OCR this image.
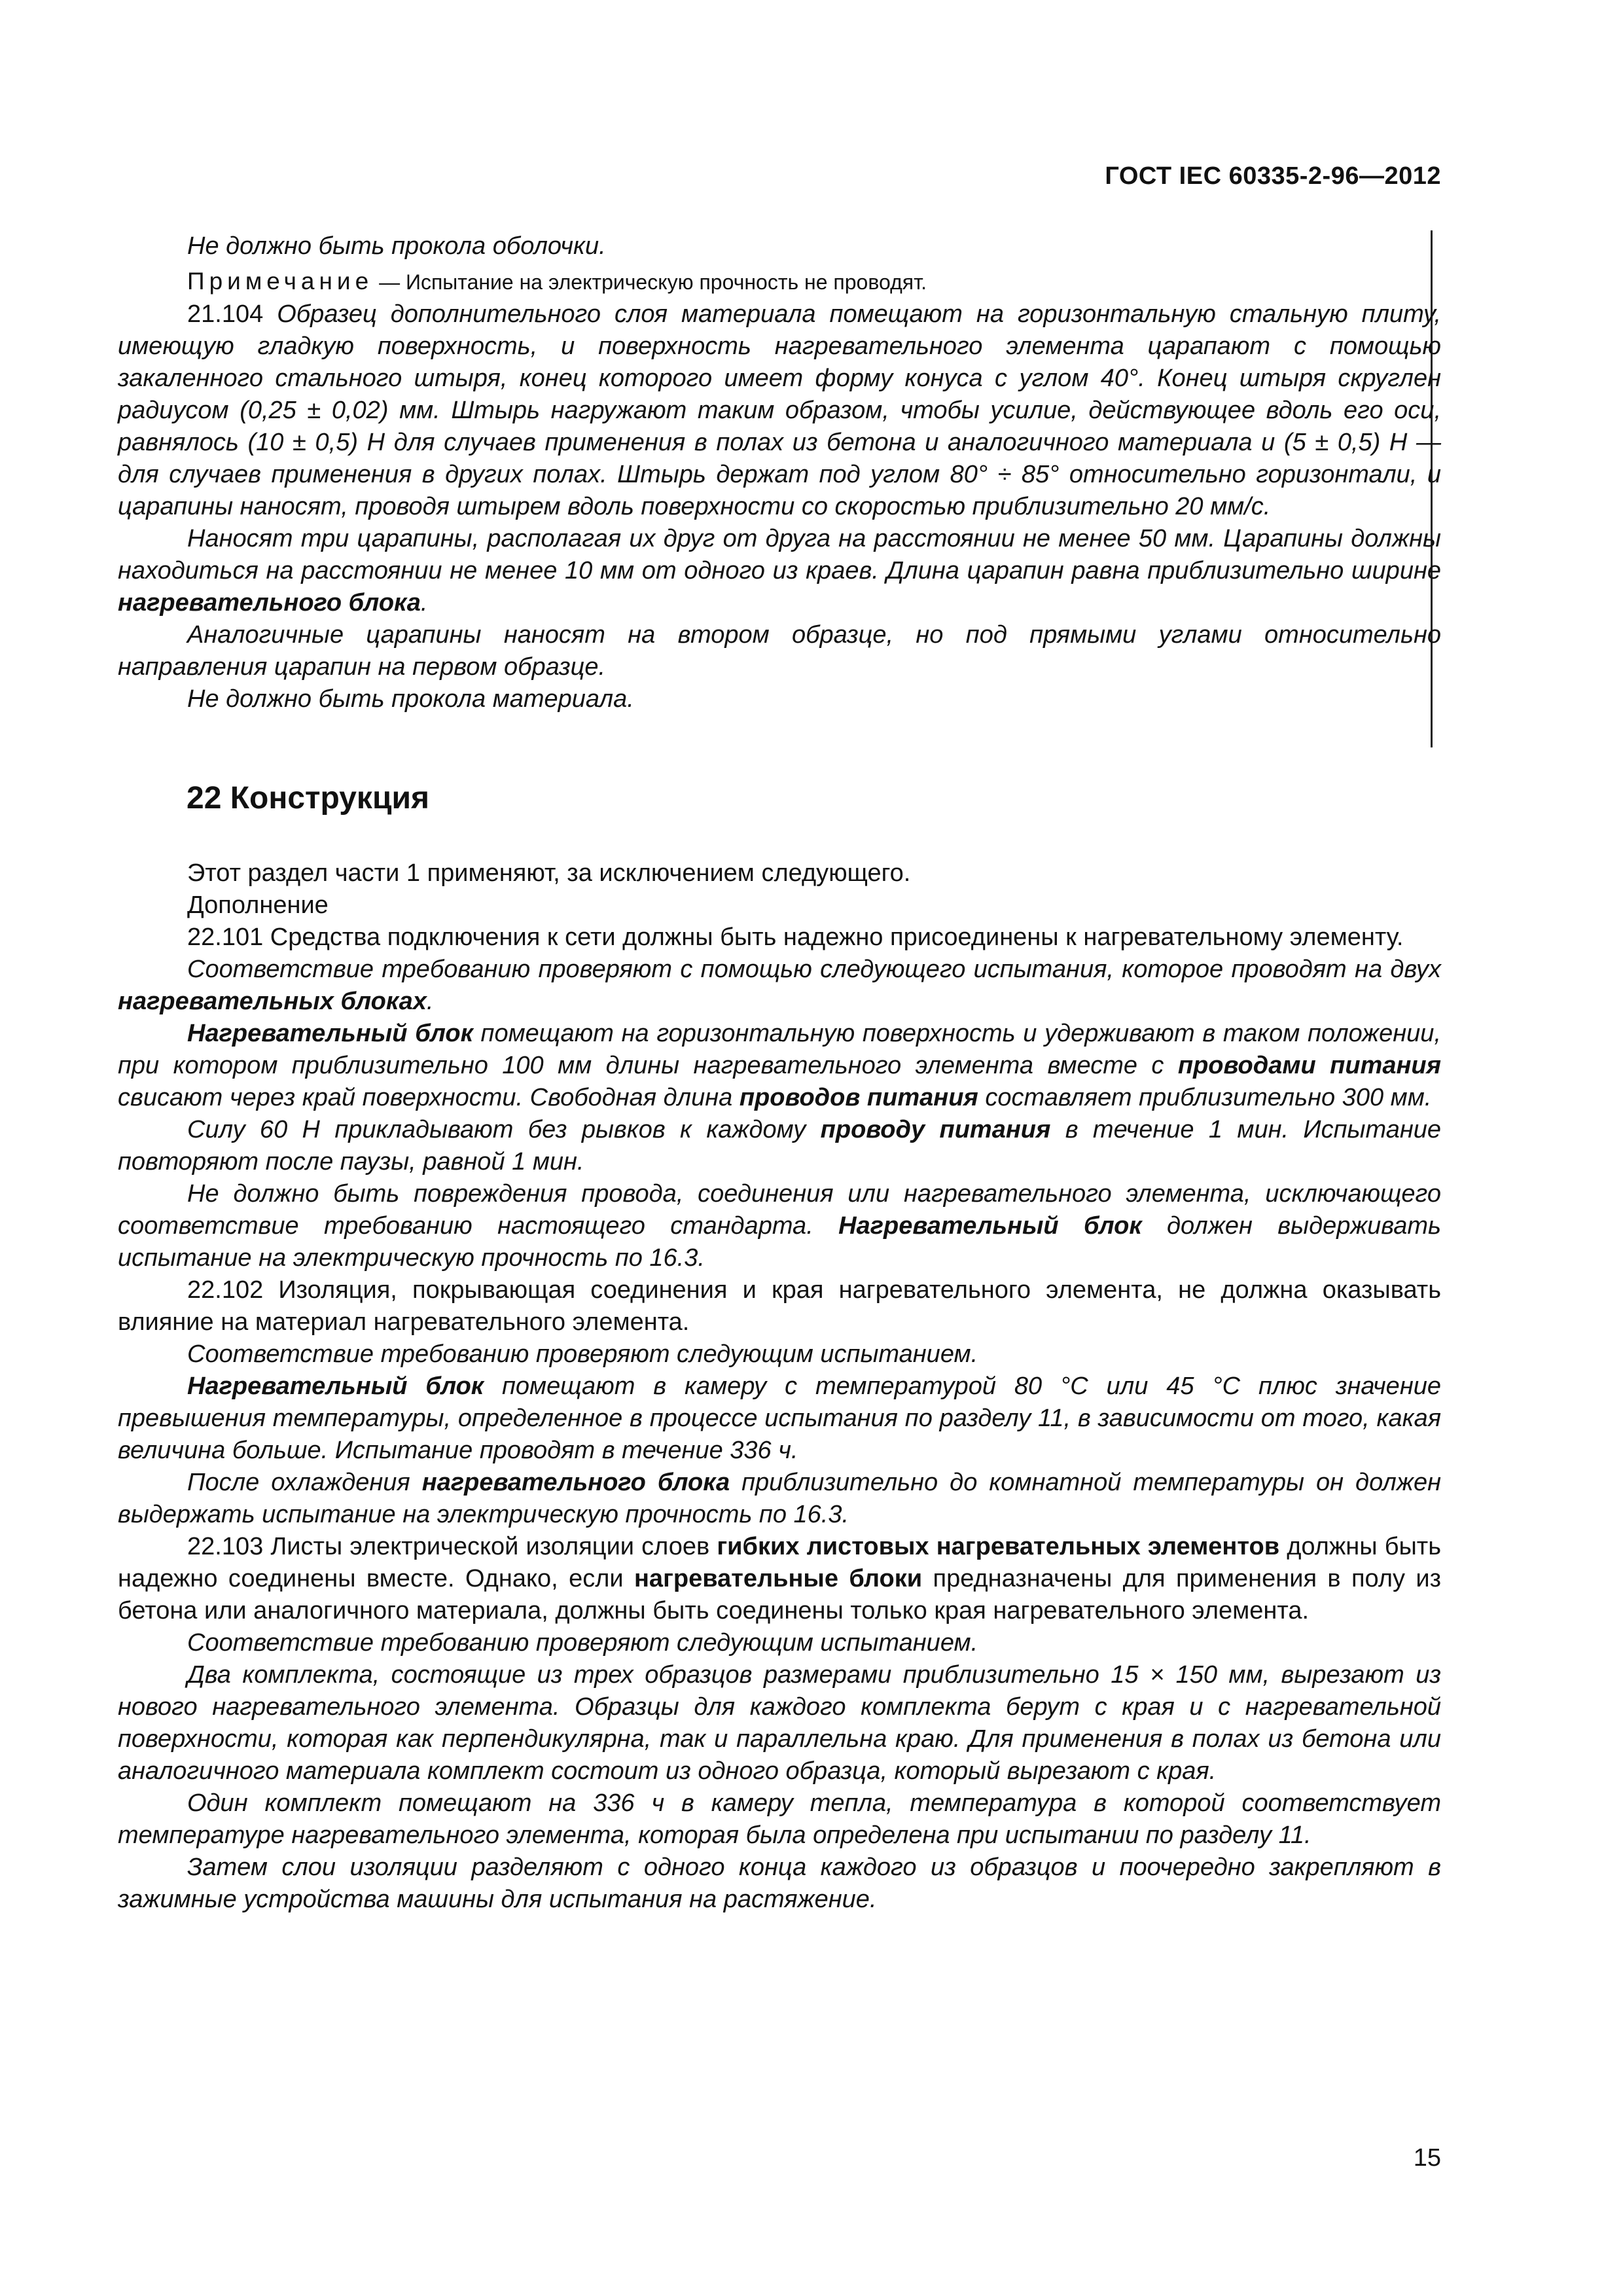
ГОСТ IEC 60335-2-96—2012

Не должно быть прокола оболочки.

Примечание — Испытание на электрическую прочность не проводят.

21.104 Образец дополнительного слоя материала помещают на горизонтальную стальную плиту, имеющую гладкую поверхность, и поверхность нагревательного элемента царапают с помощью закаленного стального штыря, конец которого имеет форму конуса с углом 40°. Конец штыря скруглен радиусом (0,25 ± 0,02) мм. Штырь нагружают таким образом, чтобы усилие, действующее вдоль его оси, равнялось (10 ± 0,5) Н для случаев применения в полах из бетона и аналогичного материала и (5 ± 0,5) Н — для случаев применения в других полах. Штырь держат под углом 80° ÷ 85° относительно горизонтали, и царапины наносят, проводя штырем вдоль поверхности со скоростью приблизительно 20 мм/с.

Наносят три царапины, располагая их друг от друга на расстоянии не менее 50 мм. Царапины должны находиться на расстоянии не менее 10 мм от одного из краев. Длина царапин равна приблизительно ширине нагревательного блока.

Аналогичные царапины наносят на втором образце, но под прямыми углами относительно направления царапин на первом образце.

Не должно быть прокола материала.

22 Конструкция

Этот раздел части 1 применяют, за исключением следующего.

Дополнение

22.101 Средства подключения к сети должны быть надежно присоединены к нагревательному элементу.

Соответствие требованию проверяют с помощью следующего испытания, которое проводят на двух нагревательных блоках.

Нагревательный блок помещают на горизонтальную поверхность и удерживают в таком положении, при котором приблизительно 100 мм длины нагревательного элемента вместе с проводами питания свисают через край поверхности. Свободная длина проводов питания составляет приблизительно 300 мм.

Силу 60 Н прикладывают без рывков к каждому проводу питания в течение 1 мин. Испытание повторяют после паузы, равной 1 мин.

Не должно быть повреждения провода, соединения или нагревательного элемента, исключающего соответствие требованию настоящего стандарта. Нагревательный блок должен выдерживать испытание на электрическую прочность по 16.3.

22.102 Изоляция, покрывающая соединения и края нагревательного элемента, не должна оказывать влияние на материал нагревательного элемента.

Соответствие требованию проверяют следующим испытанием.

Нагревательный блок помещают в камеру с температурой 80 °С или 45 °С плюс значение превышения температуры, определенное в процессе испытания по разделу 11, в зависимости от того, какая величина больше. Испытание проводят в течение 336 ч.

После охлаждения нагревательного блока приблизительно до комнатной температуры он должен выдержать испытание на электрическую прочность по 16.3.

22.103 Листы электрической изоляции слоев гибких листовых нагревательных элементов должны быть надежно соединены вместе. Однако, если нагревательные блоки предназначены для применения в полу из бетона или аналогичного материала, должны быть соединены только края нагревательного элемента.

Соответствие требованию проверяют следующим испытанием.

Два комплекта, состоящие из трех образцов размерами приблизительно 15 × 150 мм, вырезают из нового нагревательного элемента. Образцы для каждого комплекта берут с края и с нагревательной поверхности, которая как перпендикулярна, так и параллельна краю. Для применения в полах из бетона или аналогичного материала комплект состоит из одного образца, который вырезают с края.

Один комплект помещают на 336 ч в камеру тепла, температура в которой соответствует температуре нагревательного элемента, которая была определена при испытании по разделу 11.

Затем слои изоляции разделяют с одного конца каждого из образцов и поочередно закрепляют в зажимные устройства машины для испытания на растяжение.

15
